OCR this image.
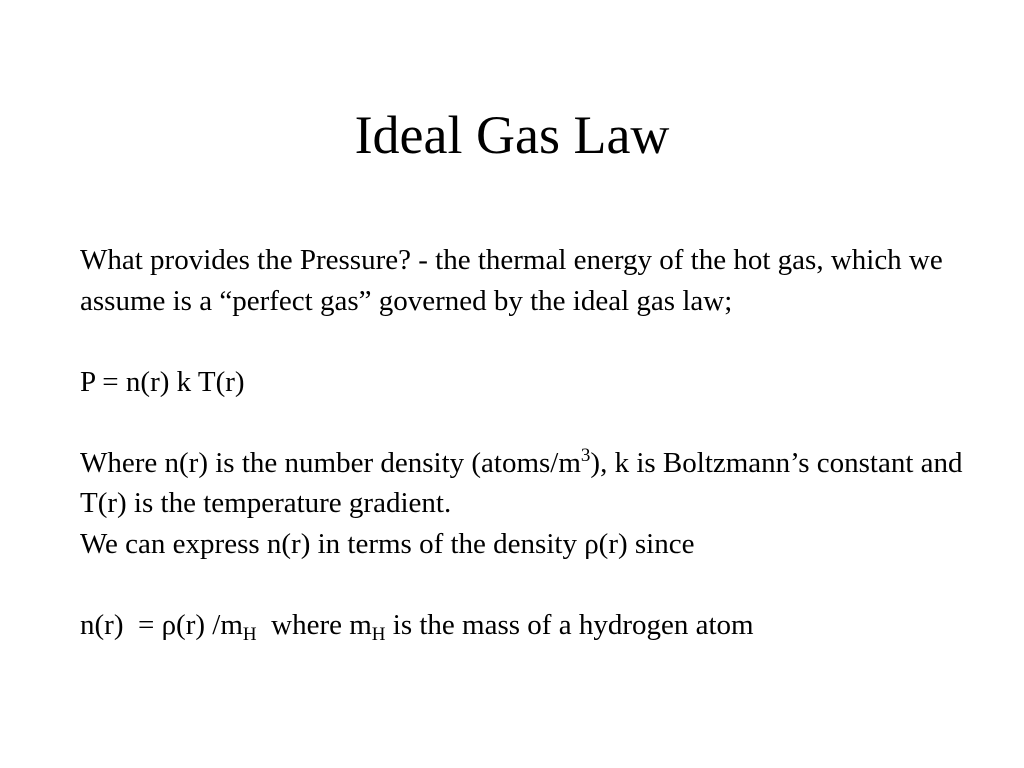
Ideal Gas Law

What provides the Pressure? - the thermal energy of the hot gas, which we assume is a “perfect gas” governed by the ideal gas law;

P = n(r) k T(r)

Where n(r) is the number density $(atoms/m^3)$, k is Boltzmann’s constant and T(r) is the temperature gradient.

We can express n(r) in terms of the density ρ(r) since

n(r)  = ρ(r) $/m_H$  where $m_H$ is the mass of a hydrogen atom
